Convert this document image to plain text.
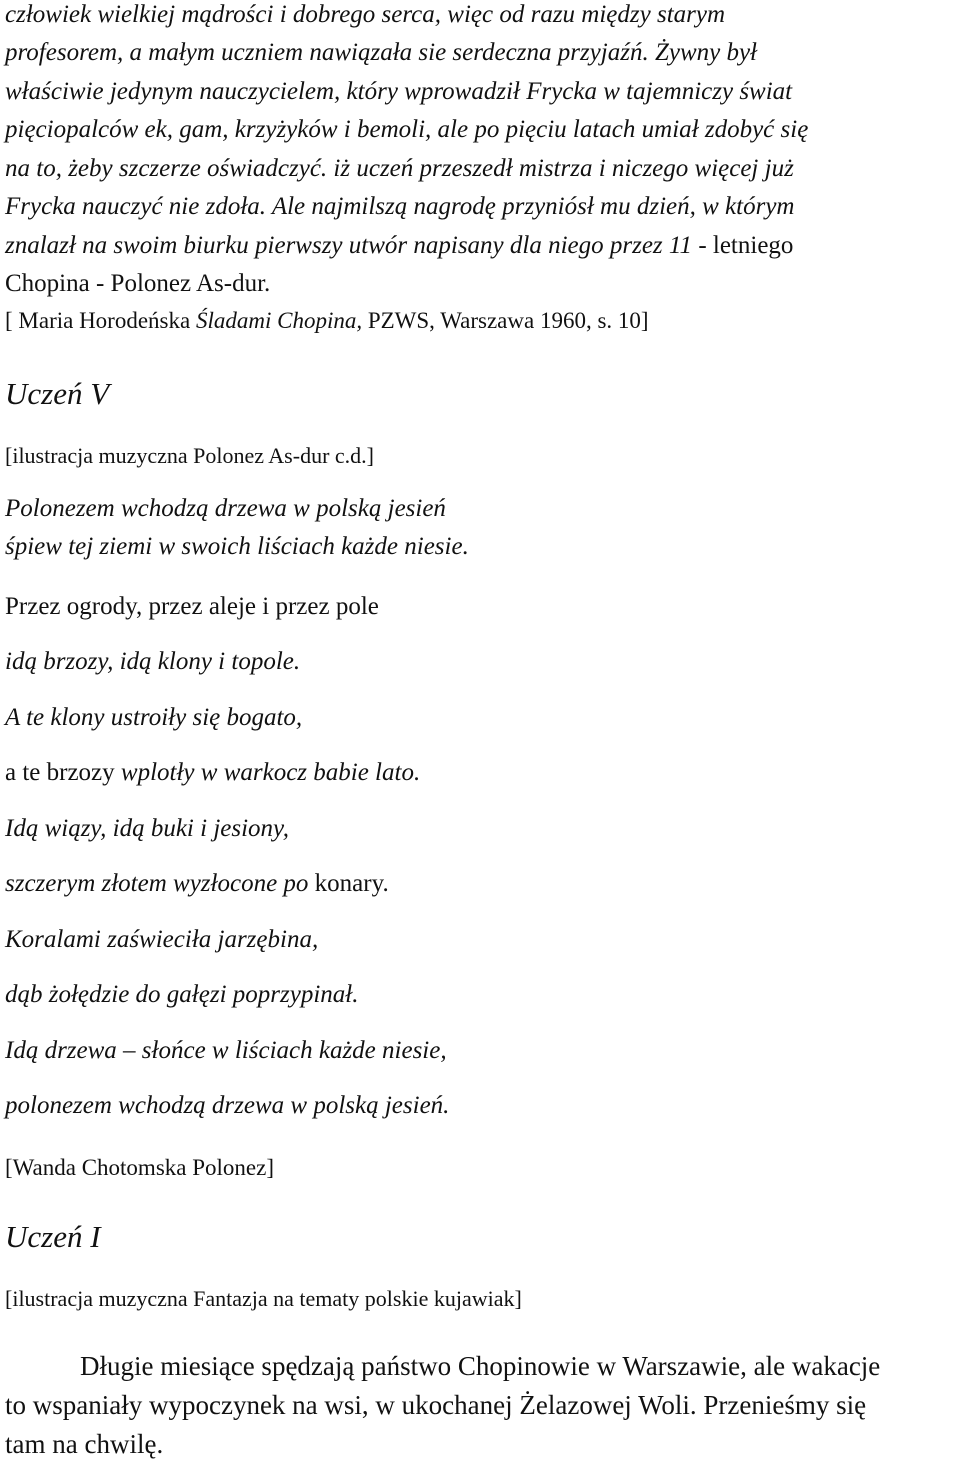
człowiek wielkiej mądrości i dobrego serca, więc od razu między starym
profesorem, a małym uczniem nawiązała sie serdeczna przyjaźń. Żywny był
właściwie jedynym nauczycielem, który wprowadził Frycka w tajemniczy świat
pięciopalców ek, gam, krzyżyków i bemoli, ale po pięciu latach umiał zdobyć się
na to, żeby szczerze oświadczyć. iż uczeń przeszedł mistrza i niczego więcej już
Frycka nauczyć nie zdoła. Ale najmilszą nagrodę przyniósł mu dzień, w którym
znalazł na swoim biurku pierwszy utwór napisany dla niego przez 11 - letniego
Chopina - Polonez As-dur.
[ Maria Horodeńska Śladami Chopina, PZWS, Warszawa 1960, s. 10]
Uczeń V
[ilustracja muzyczna Polonez As-dur c.d.]
Polonezem wchodzą drzewa w polską jesień
śpiew tej ziemi w swoich liściach każde niesie.
Przez ogrody, przez aleje i przez pole
idą brzozy, idą klony i topole.
A te klony ustroiły się bogato,
a te brzozy wplotły w warkocz babie lato.
Idą wiązy, idą buki i jesiony,
szczerym złotem wyzłocone po konary.
Koralami zaświeciła jarzębina,
dąb żołędzie do gałęzi poprzypinał.
Idą drzewa – słońce w liściach każde niesie,
polonezem wchodzą drzewa w polską jesień.
[Wanda Chotomska Polonez]
Uczeń I
[ilustracja muzyczna Fantazja na tematy polskie kujawiak]
Długie miesiące spędzają państwo Chopinowie w Warszawie, ale wakacje
to wspaniały wypoczynek na wsi, w ukochanej Żelazowej Woli. Przenieśmy się
tam na chwilę.
